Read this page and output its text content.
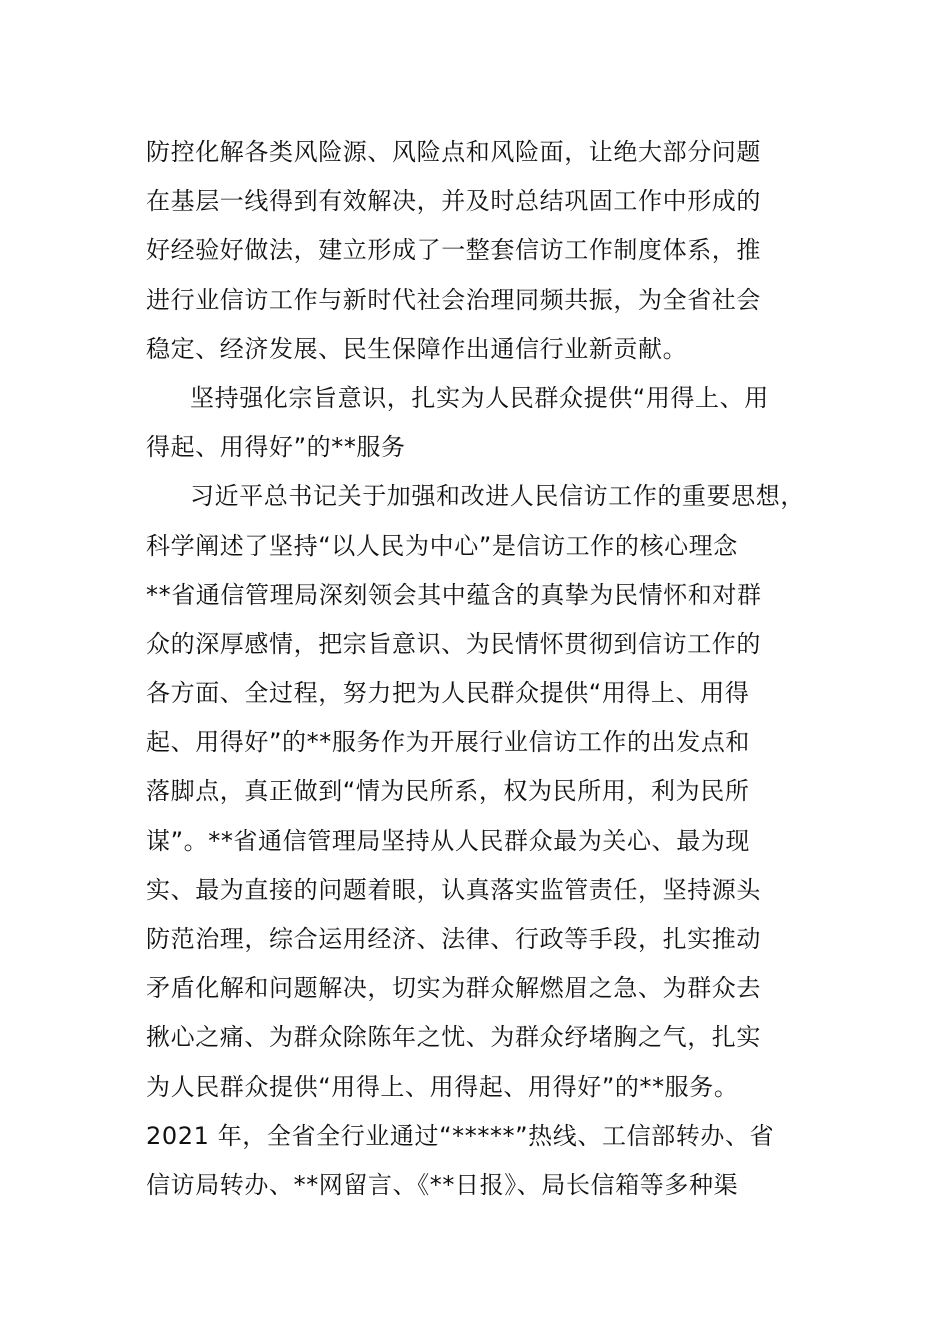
防控化解各类风险源、风险点和风险面，让绝大部分问题
在基层一线得到有效解决，并及时总结巩固工作中形成的
好经验好做法，建立形成了一整套信访工作制度体系，推
进行业信访工作与新时代社会治理同频共振，为全省社会
稳定、经济发展、民生保障作出通信行业新贡献。
坚持强化宗旨意识，扎实为人民群众提供“用得上、用
得起、用得好”的**服务
习近平总书记关于加强和改进人民信访工作的重要思想，
科学阐述了坚持“以人民为中心”是信访工作的核心理念
**省通信管理局深刻领会其中蕴含的真挚为民情怀和对群
众的深厚感情，把宗旨意识、为民情怀贯彻到信访工作的
各方面、全过程，努力把为人民群众提供“用得上、用得
起、用得好”的**服务作为开展行业信访工作的出发点和
落脚点，真正做到“情为民所系，权为民所用，利为民所
谋”。**省通信管理局坚持从人民群众最为关心、最为现
实、最为直接的问题着眼，认真落实监管责任，坚持源头
防范治理，综合运用经济、法律、行政等手段，扎实推动
矛盾化解和问题解决，切实为群众解燃眉之急、为群众去
揪心之痛、为群众除陈年之忧、为群众纾堵胸之气，扎实
为人民群众提供“用得上、用得起、用得好”的**服务。
2021 年，全省全行业通过“*****”热线、工信部转办、省
信访局转办、**网留言、《**日报》、局长信箱等多种渠
